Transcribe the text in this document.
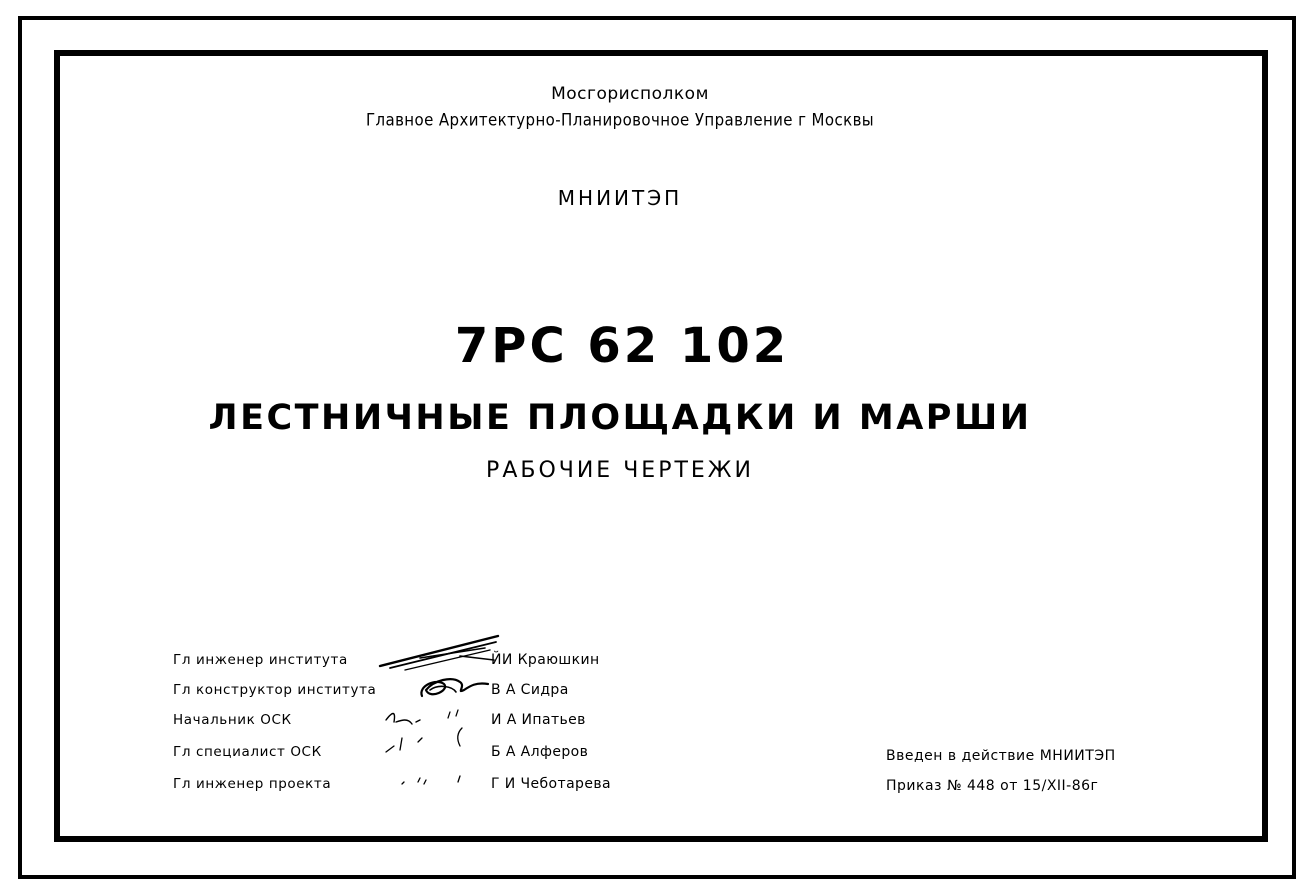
Мосгорисполком
Главное Архитектурно-Планировочное Управление г Москвы
МНИИТЭП
7РС 62 102
ЛЕСТНИЧНЫЕ ПЛОЩАДКИ И МАРШИ
РАБОЧИЕ ЧЕРТЕЖИ
Гл инженер института	ЙИ Краюшкин
Гл конструктор института	В А Сидра
Начальник ОСК	И А Ипатьев
Гл специалист ОСК	Б А Алферов
Гл инженер проекта	Г И Чеботарева
Введен в действие МНИИТЭП
Приказ № 448 от 15/XII-86г
